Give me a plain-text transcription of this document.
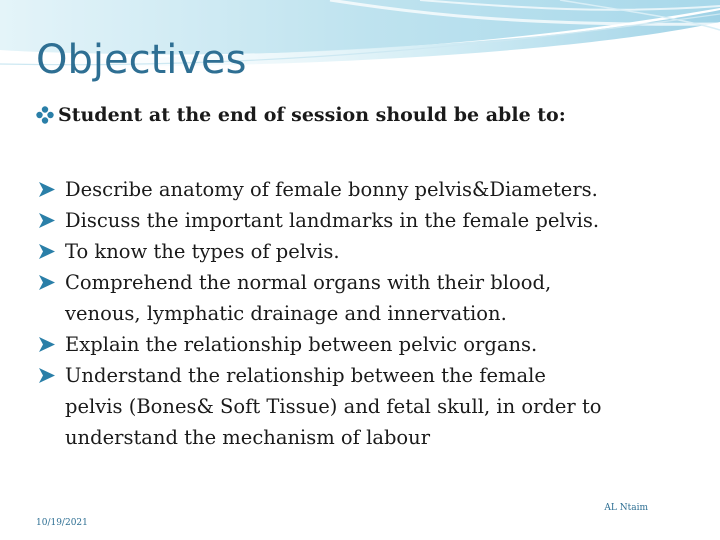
Objectives
Student at the end of session should be able to:
Describe anatomy of female bonny pelvis&Diameters.
Discuss the important landmarks in the female pelvis.
To know the types of pelvis.
Comprehend the normal organs with their blood,
venous, lymphatic drainage and innervation.
Explain the relationship between pelvic organs.
Understand the relationship between the female
pelvis (Bones& Soft Tissue) and fetal skull, in order to
understand the mechanism of labour
AL Ntaim
10/19/2021
